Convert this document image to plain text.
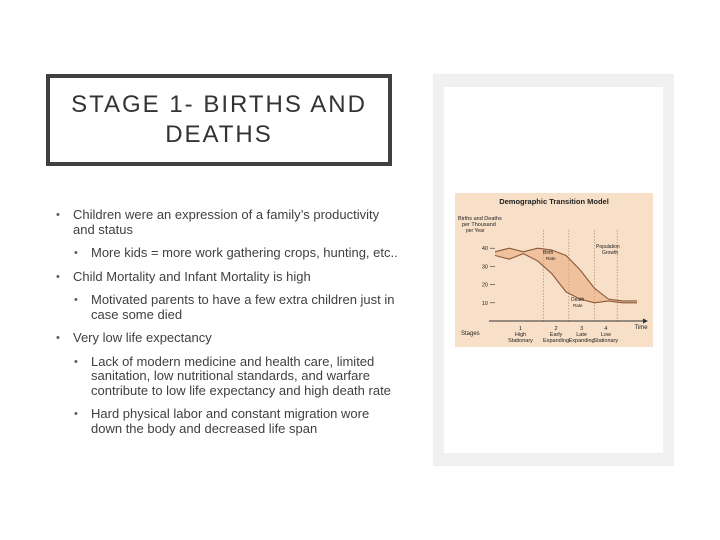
STAGE 1- BIRTHS AND
DEATHS
• Children were an expression of a family’s productivity and status
• More kids = more work gathering crops, hunting, etc..
• Child Mortality and Infant Mortality is high
• Motivated parents to have a few extra children just in case some died
• Very low life expectancy
• Lack of modern medicine and health care, limited sanitation, low nutritional standards, and warfare contribute to low life expectancy and high death rate
• Hard physical labor and constant migration wore down the body and decreased life span
Demographic Transition Model
Births and Deaths
per Thousand
per Year
40
30
20
10
Time
Stages
1
High
Stationary
2
Early
Expanding
3
Late
Expanding
4
Low
Stationary
Birth
Rate
Death
Rate
Population
Growth
